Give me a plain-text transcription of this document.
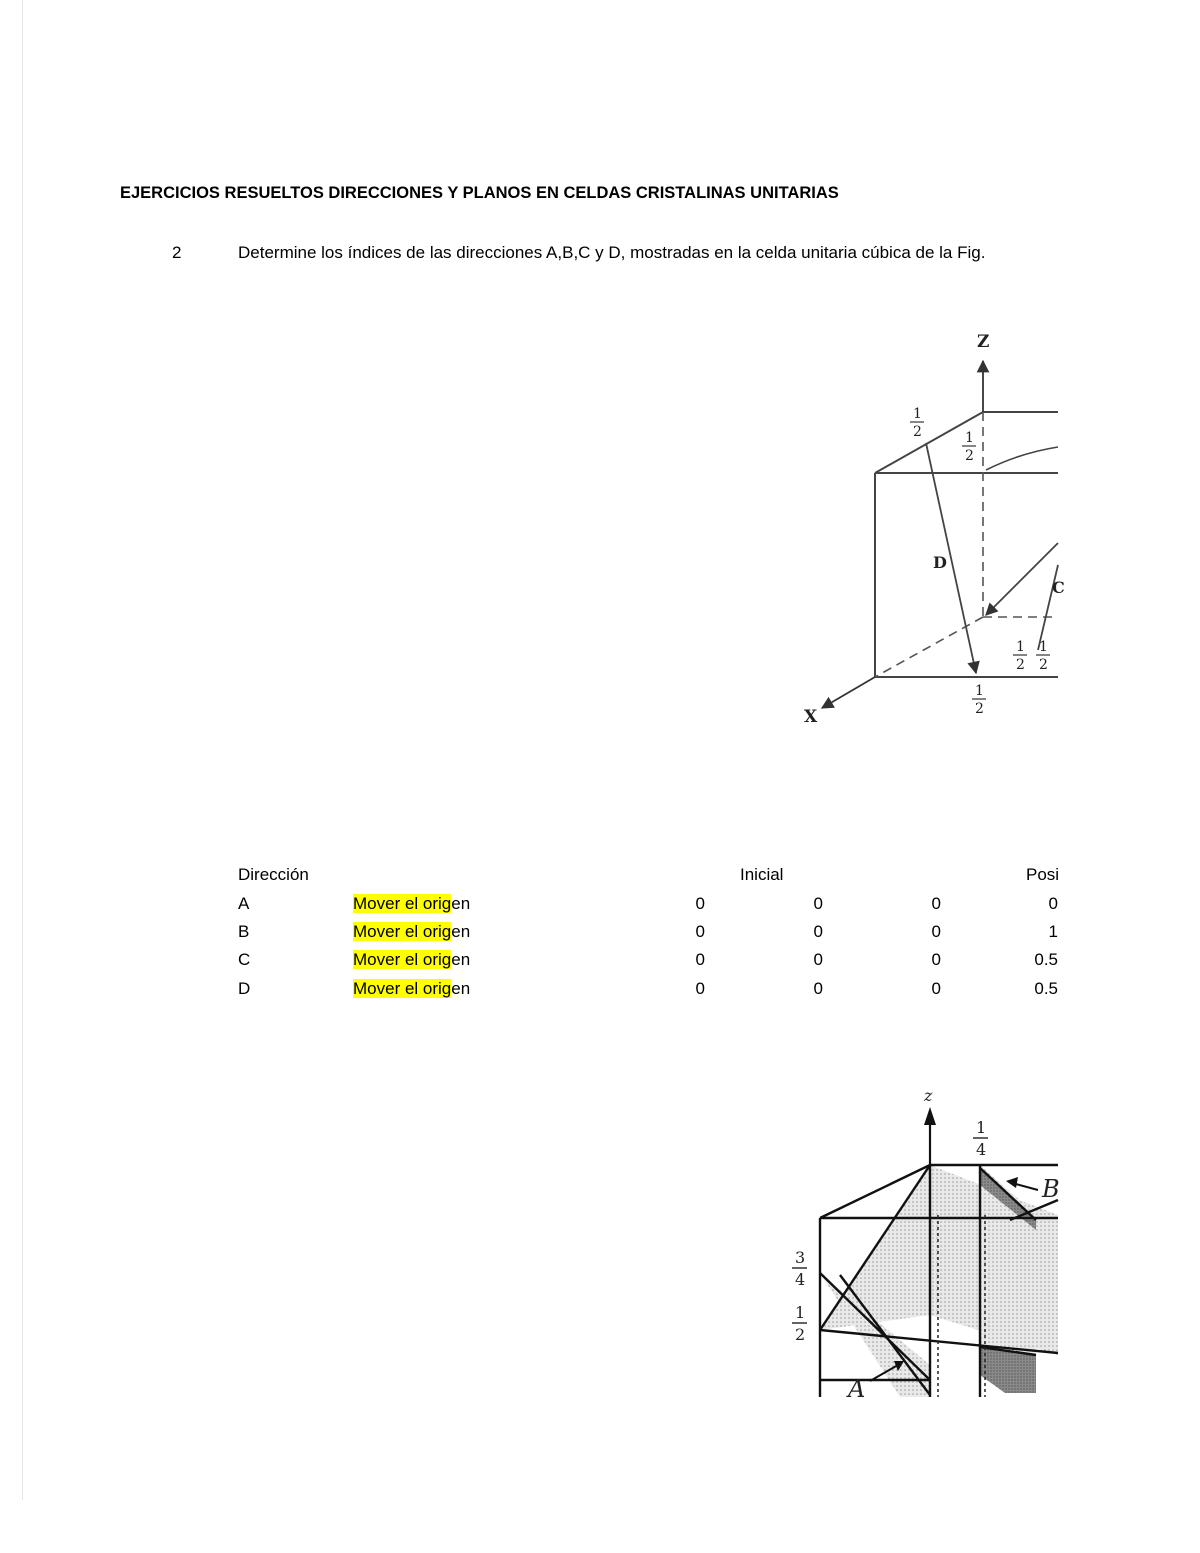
EJERCICIOS RESUELTOS DIRECCIONES Y PLANOS EN CELDAS CRISTALINAS UNITARIAS
2	Determine los índices de las direcciones A,B,C y D, mostradas en la celda unitaria cúbica de la Fig.
Z
X
D
C
1
2	1
2
1
2
1
2
1
2
Dirección	Inicial	Posi
A	Mover el origen	0	0	0	0
B	Mover el origen	0	0	0	1
C	Mover el origen	0	0	0	0.5
D	Mover el origen	0	0	0	0.5
z
B
A
1
4
3
4
1
2
